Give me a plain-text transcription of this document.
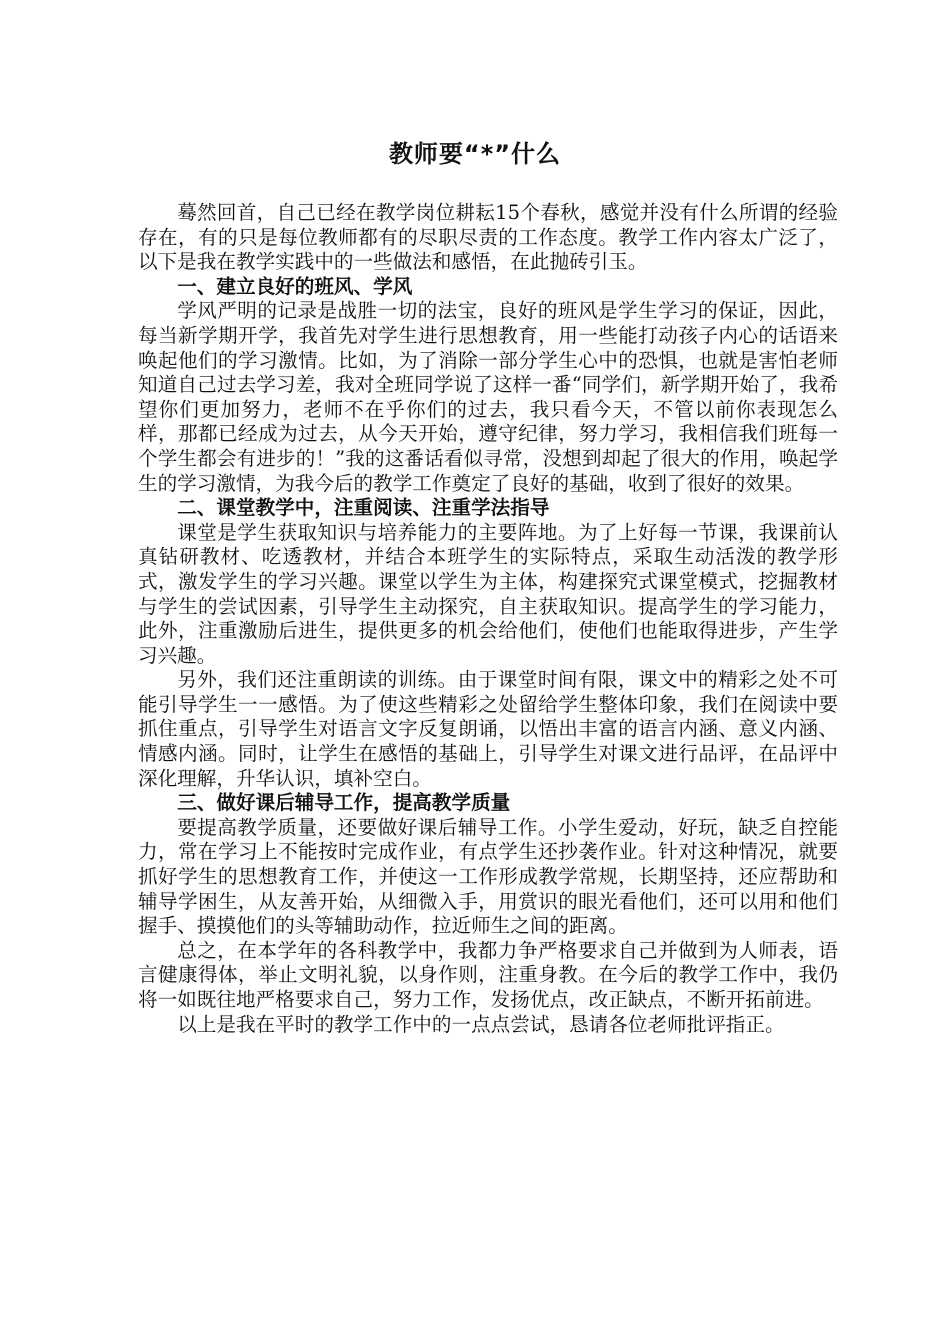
教师要“*”什么

蓦然回首，自己已经在教学岗位耕耘15个春秋，感觉并没有什么所谓的经验存在，有的只是每位教师都有的尽职尽责的工作态度。教学工作内容太广泛了，以下是我在教学实践中的一些做法和感悟，在此抛砖引玉。

一、建立良好的班风、学风

学风严明的记录是战胜一切的法宝，良好的班风是学生学习的保证，因此，每当新学期开学，我首先对学生进行思想教育，用一些能打动孩子内心的话语来唤起他们的学习激情。比如，为了消除一部分学生心中的恐惧，也就是害怕老师知道自己过去学习差，我对全班同学说了这样一番“同学们，新学期开始了，我希望你们更加努力，老师不在乎你们的过去，我只看今天，不管以前你表现怎么样，那都已经成为过去，从今天开始，遵守纪律，努力学习，我相信我们班每一个学生都会有进步的！”我的这番话看似寻常，没想到却起了很大的作用，唤起学生的学习激情，为我今后的教学工作奠定了良好的基础，收到了很好的效果。

二、课堂教学中，注重阅读、注重学法指导

课堂是学生获取知识与培养能力的主要阵地。为了上好每一节课，我课前认真钻研教材、吃透教材，并结合本班学生的实际特点，采取生动活泼的教学形式，激发学生的学习兴趣。课堂以学生为主体，构建探究式课堂模式，挖掘教材与学生的尝试因素，引导学生主动探究，自主获取知识。提高学生的学习能力，此外，注重激励后进生，提供更多的机会给他们，使他们也能取得进步，产生学习兴趣。

另外，我们还注重朗读的训练。由于课堂时间有限，课文中的精彩之处不可能引导学生一一感悟。为了使这些精彩之处留给学生整体印象，我们在阅读中要抓住重点，引导学生对语言文字反复朗诵，以悟出丰富的语言内涵、意义内涵、情感内涵。同时，让学生在感悟的基础上，引导学生对课文进行品评，在品评中深化理解，升华认识，填补空白。

三、做好课后辅导工作，提高教学质量

要提高教学质量，还要做好课后辅导工作。小学生爱动，好玩，缺乏自控能力，常在学习上不能按时完成作业，有点学生还抄袭作业。针对这种情况，就要抓好学生的思想教育工作，并使这一工作形成教学常规，长期坚持，还应帮助和辅导学困生，从友善开始，从细微入手，用赏识的眼光看他们，还可以用和他们握手、摸摸他们的头等辅助动作，拉近师生之间的距离。

总之，在本学年的各科教学中，我都力争严格要求自己并做到为人师表，语言健康得体，举止文明礼貌，以身作则，注重身教。在今后的教学工作中，我仍将一如既往地严格要求自己，努力工作，发扬优点，改正缺点，不断开拓前进。

以上是我在平时的教学工作中的一点点尝试，恳请各位老师批评指正。
